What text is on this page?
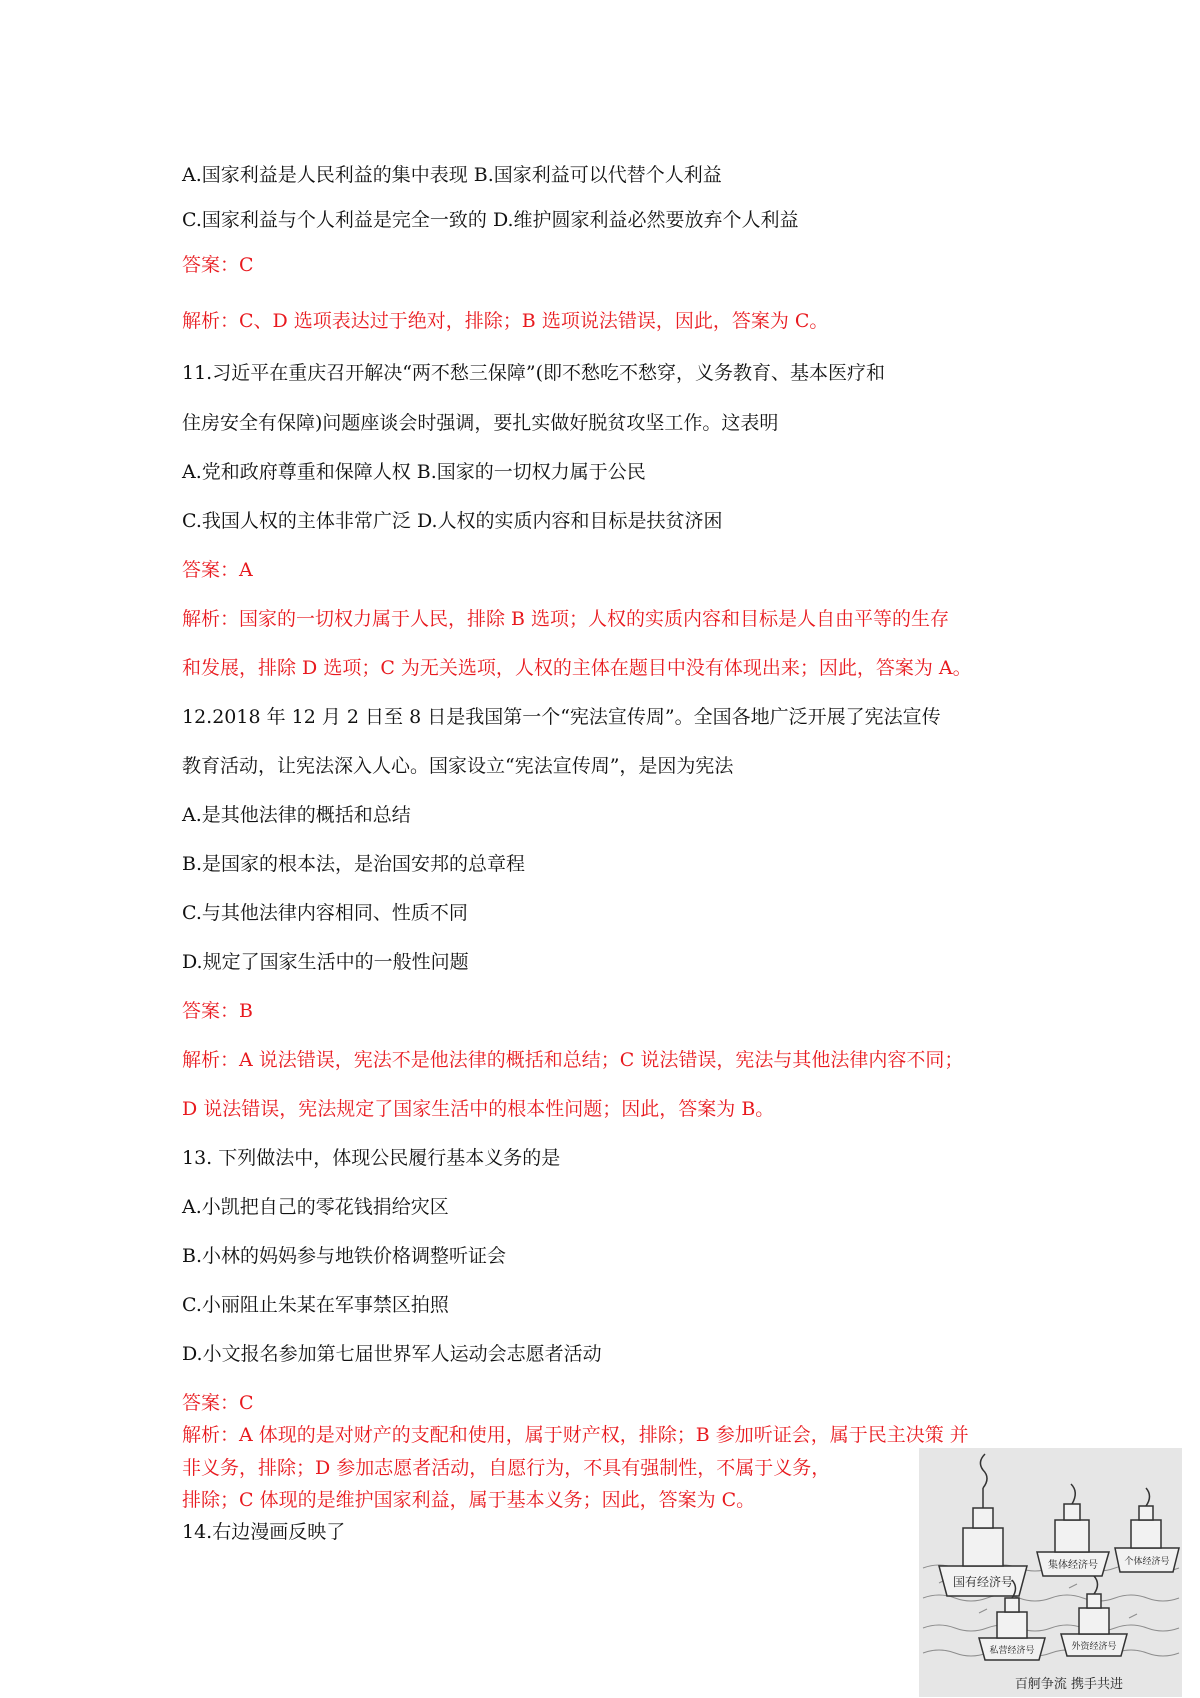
A.国家利益是人民利益的集中表现 B.国家利益可以代替个人利益
C.国家利益与个人利益是完全一致的 D.维护圆家利益必然要放弃个人利益
答案：C
解析：C、D 选项表达过于绝对，排除；B 选项说法错误，因此，答案为 C。
11.习近平在重庆召开解决“两不愁三保障”(即不愁吃不愁穿，义务教育、基本医疗和
住房安全有保障)问题座谈会时强调，要扎实做好脱贫攻坚工作。这表明
A.党和政府尊重和保障人权 B.国家的一切权力属于公民
C.我国人权的主体非常广泛 D.人权的实质内容和目标是扶贫济困
答案：A
解析：国家的一切权力属于人民，排除 B 选项；人权的实质内容和目标是人自由平等的生存
和发展，排除 D 选项；C 为无关选项，人权的主体在题目中没有体现出来；因此，答案为 A。
12.2018 年 12 月 2 日至 8 日是我国第一个“宪法宣传周”。全国各地广泛开展了宪法宣传
教育活动，让宪法深入人心。国家设立“宪法宣传周”，是因为宪法
A.是其他法律的概括和总结
B.是国家的根本法，是治国安邦的总章程
C.与其他法律内容相同、性质不同
D.规定了国家生活中的一般性问题
答案：B
解析：A 说法错误，宪法不是他法律的概括和总结；C 说法错误，宪法与其他法律内容不同；
D 说法错误，宪法规定了国家生活中的根本性问题；因此，答案为 B。
13. 下列做法中，体现公民履行基本义务的是
A.小凯把自己的零花钱捐给灾区
B.小林的妈妈参与地铁价格调整听证会
C.小丽阻止朱某在军事禁区拍照
D.小文报名参加第七届世界军人运动会志愿者活动
答案：C
解析：A 体现的是对财产的支配和使用，属于财产权，排除；B 参加听证会，属于民主决策 并
非义务，排除；D 参加志愿者活动，自愿行为，不具有强制性，不属于义务，
排除；C 体现的是维护国家利益，属于基本义务；因此，答案为 C。
14.右边漫画反映了
国有经济号
集体经济号	个体经济号
私营经济号	外资经济号
百舸争流 携手共进
